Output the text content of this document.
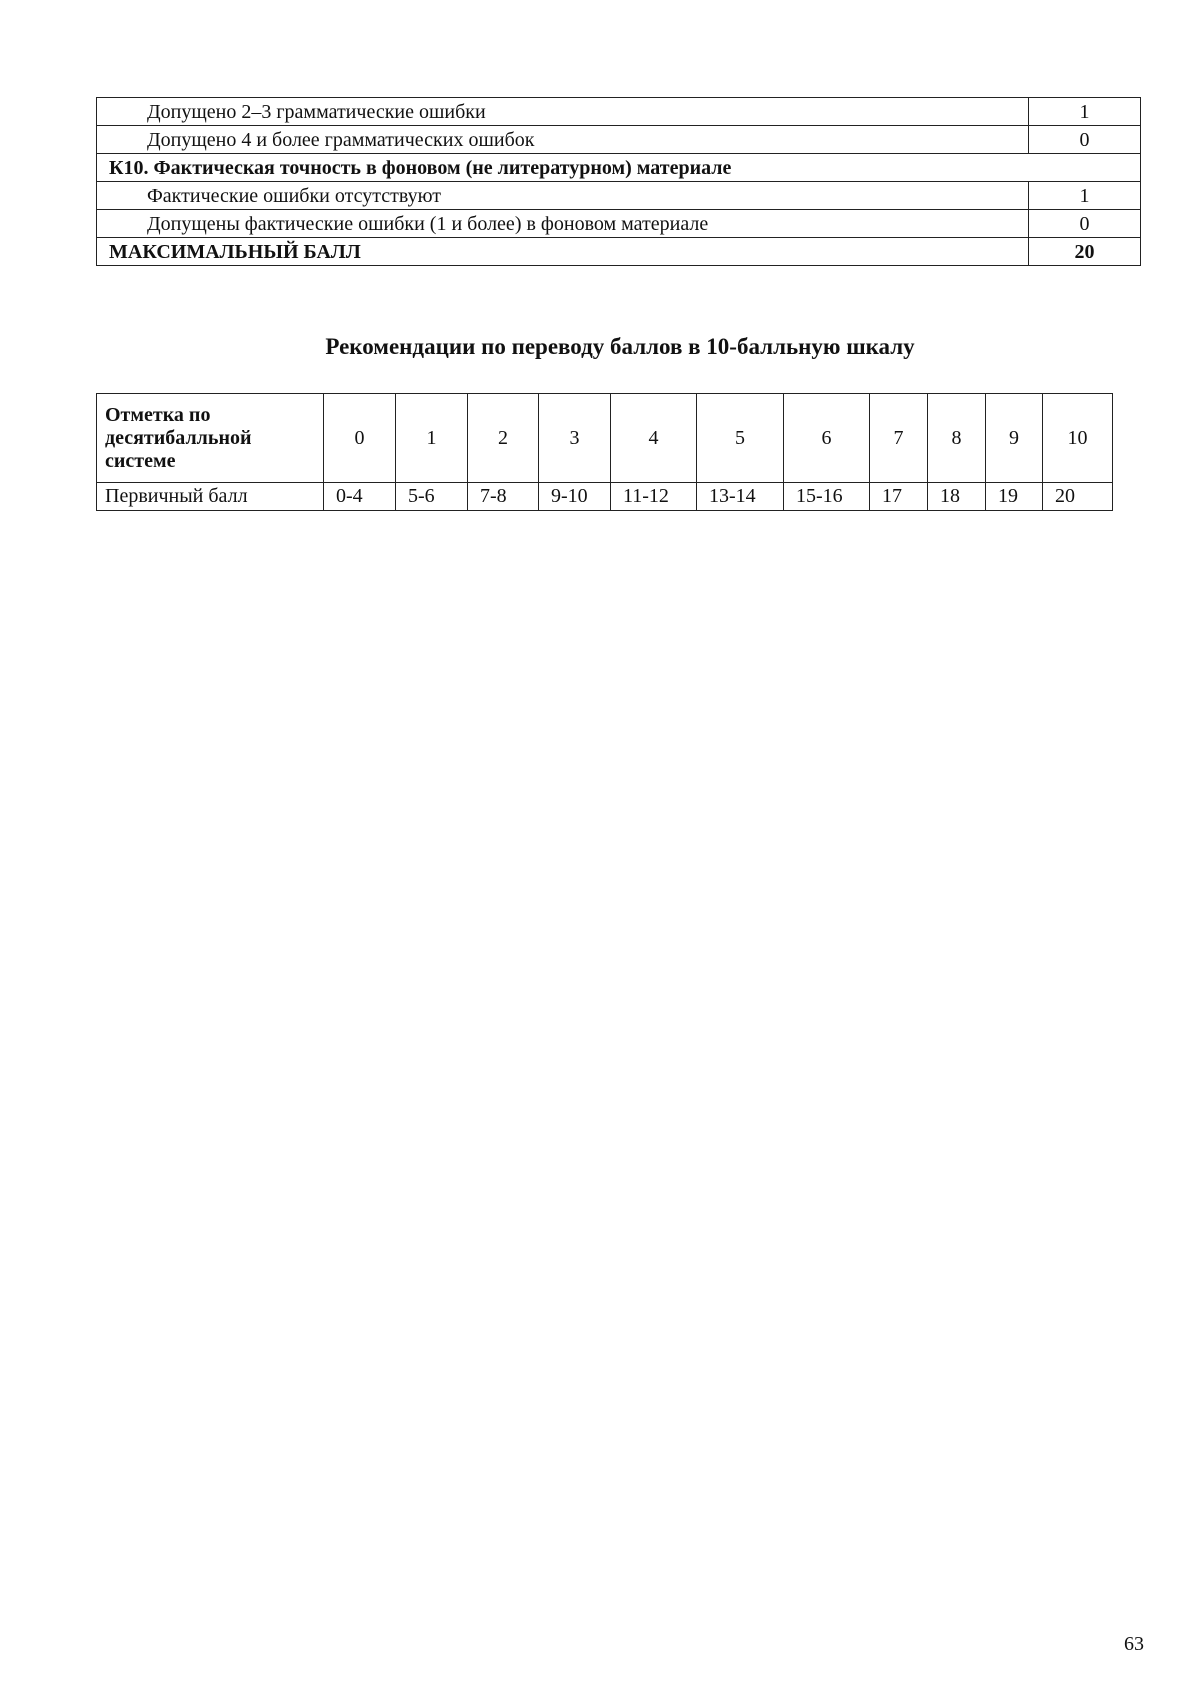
Допущено 2–3 грамматические ошибки	1
Допущено 4 и более грамматических ошибок	0
К10. Фактическая точность в фоновом (не литературном) материале	
Фактические ошибки отсутствуют	1
Допущены фактические ошибки (1 и более) в фоновом материале	0
МАКСИМАЛЬНЫЙ БАЛЛ	20
Рекомендации по переводу баллов в 10-балльную шкалу
Отметка по десятибалльной системе	0	1	2	3	4	5	6	7	8	9	10
Первичный балл	0-4	5-6	7-8	9-10	11-12	13-14	15-16	17	18	19	20
63
